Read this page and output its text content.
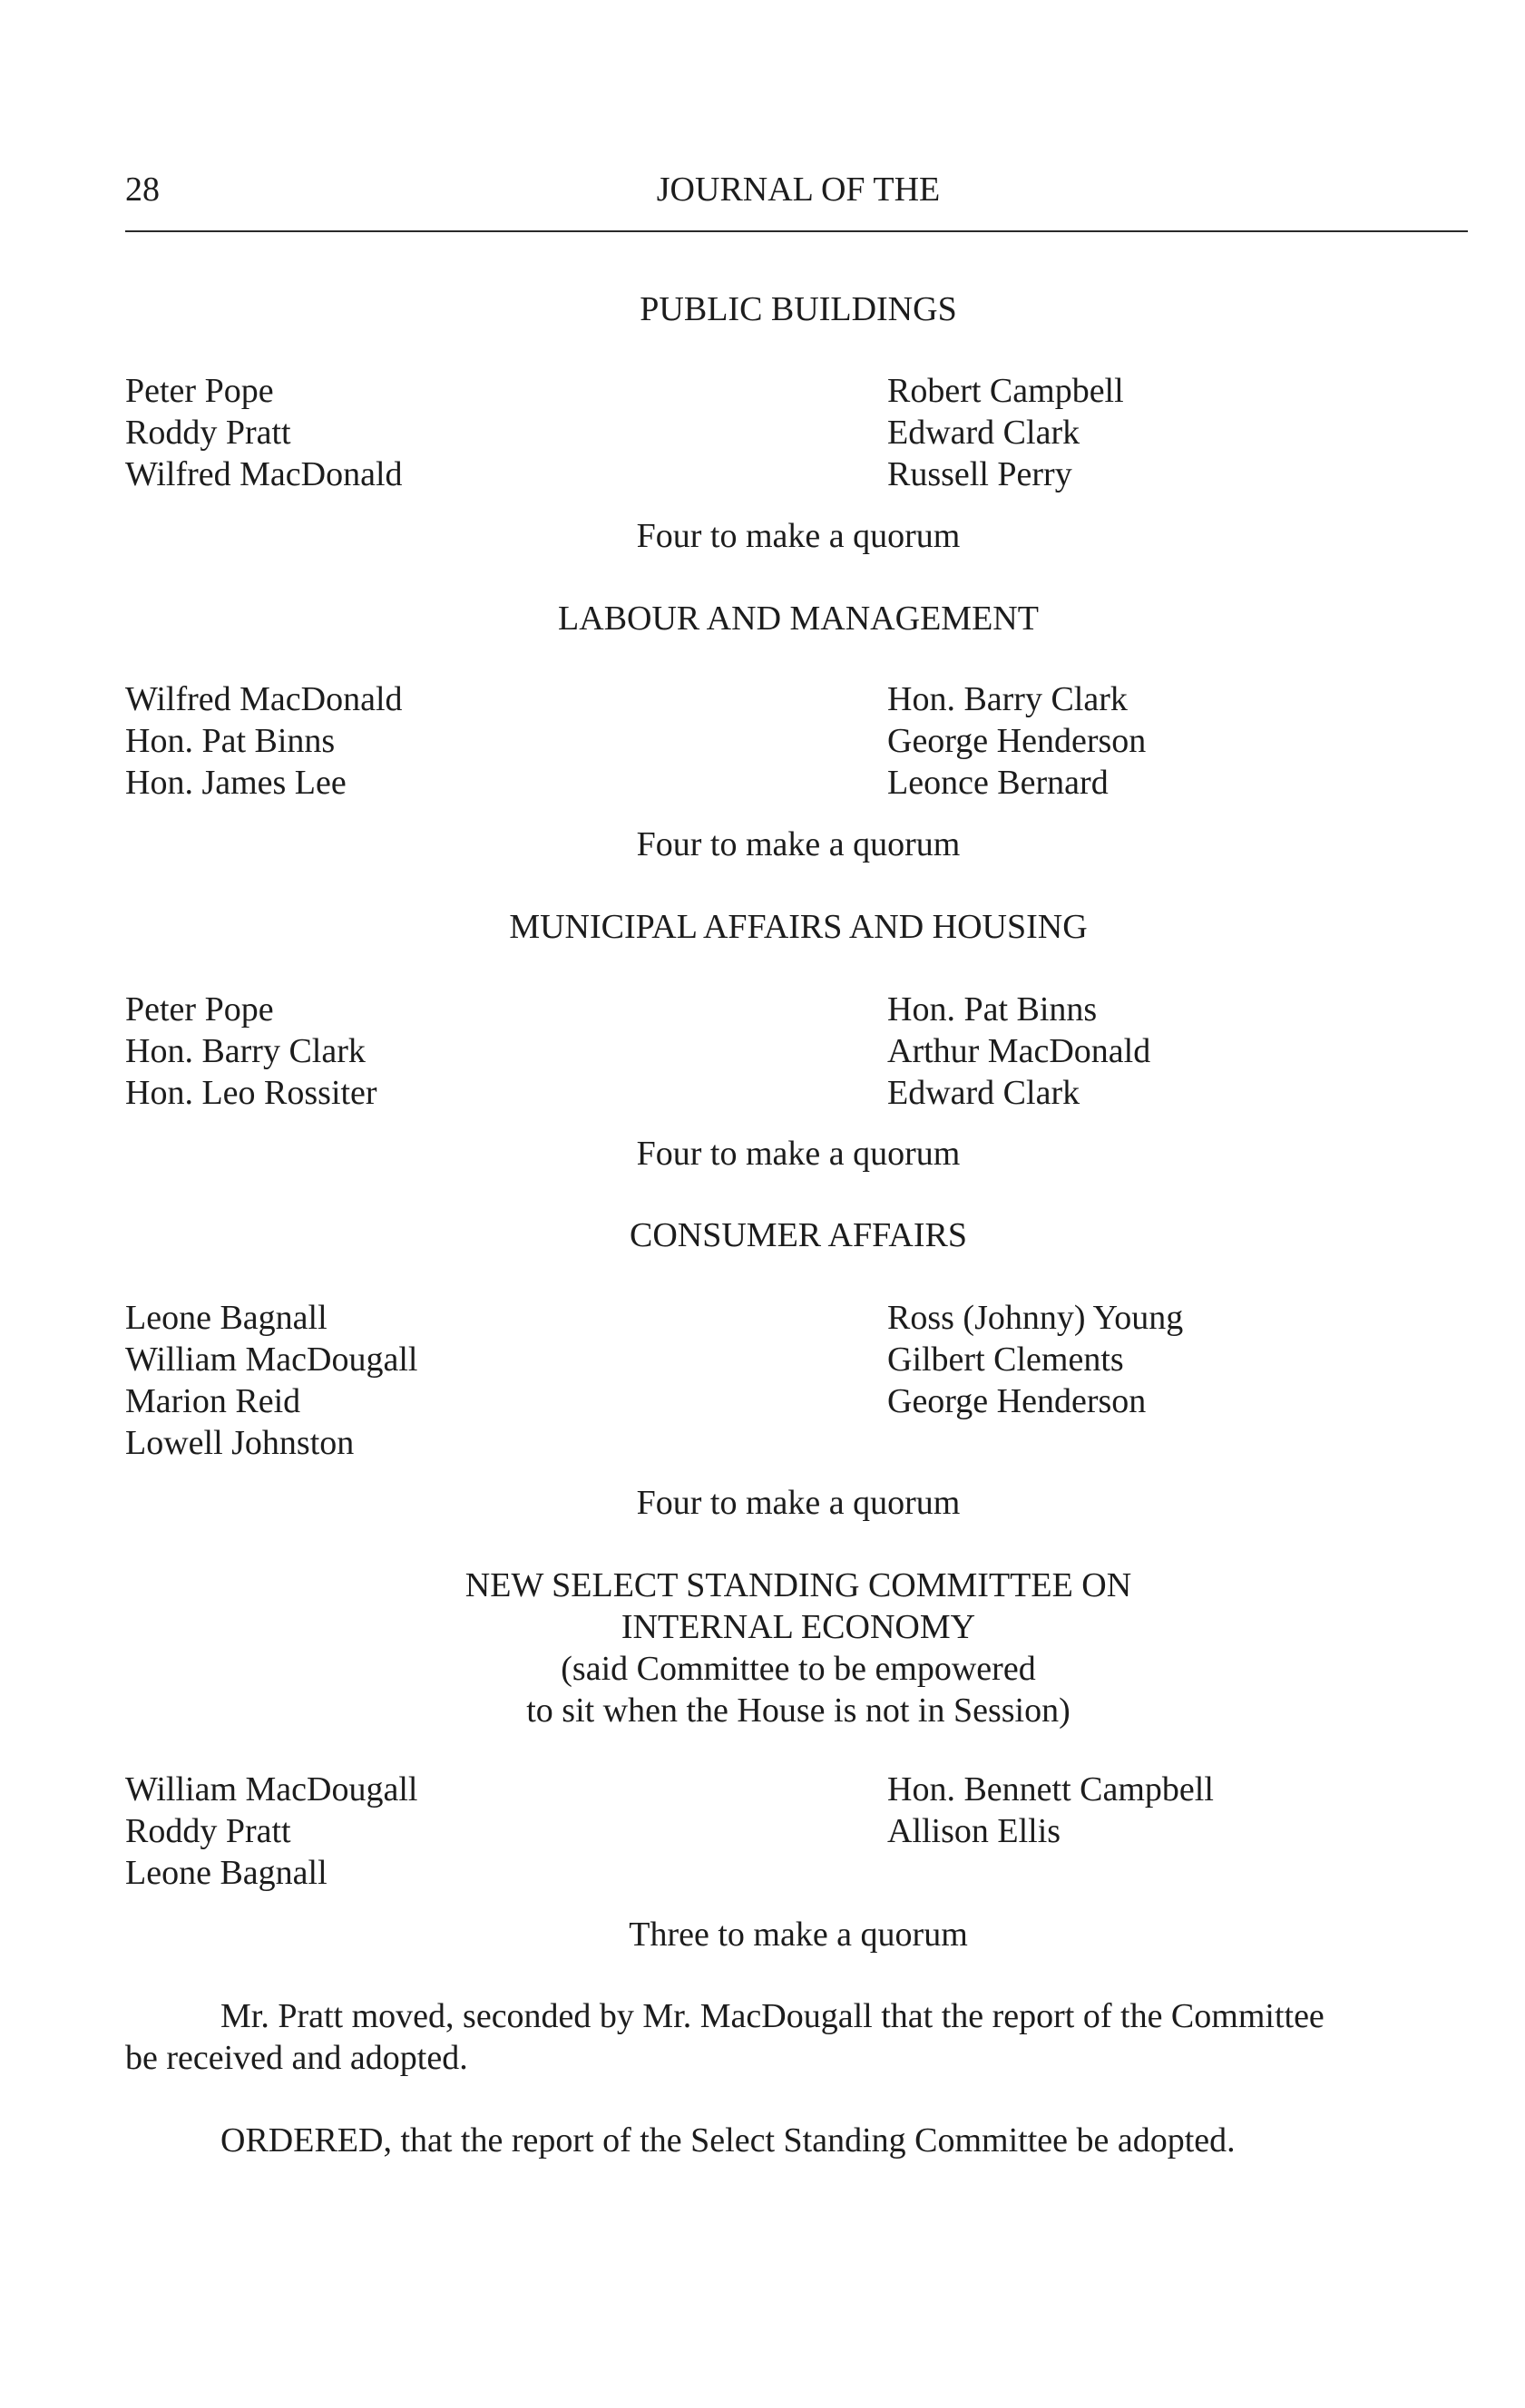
28	JOURNAL OF THE
PUBLIC BUILDINGS
Peter Pope
Roddy Pratt
Wilfred MacDonald
Robert Campbell
Edward Clark
Russell Perry
Four to make a quorum
LABOUR AND MANAGEMENT
Wilfred MacDonald
Hon. Pat Binns
Hon. James Lee
Hon. Barry Clark
George Henderson
Leonce Bernard
Four to make a quorum
MUNICIPAL AFFAIRS AND HOUSING
Peter Pope
Hon. Barry Clark
Hon. Leo Rossiter
Hon. Pat Binns
Arthur MacDonald
Edward Clark
Four to make a quorum
CONSUMER AFFAIRS
Leone Bagnall
William MacDougall
Marion Reid
Lowell Johnston
Ross (Johnny) Young
Gilbert Clements
George Henderson
Four to make a quorum
NEW SELECT STANDING COMMITTEE ON
INTERNAL ECONOMY
(said Committee to be empowered
to sit when the House is not in Session)
William MacDougall
Roddy Pratt
Leone Bagnall
Hon. Bennett Campbell
Allison Ellis
Three to make a quorum
Mr. Pratt moved, seconded by Mr. MacDougall that the report of the Committee
be received and adopted.
ORDERED, that the report of the Select Standing Committee be adopted.
